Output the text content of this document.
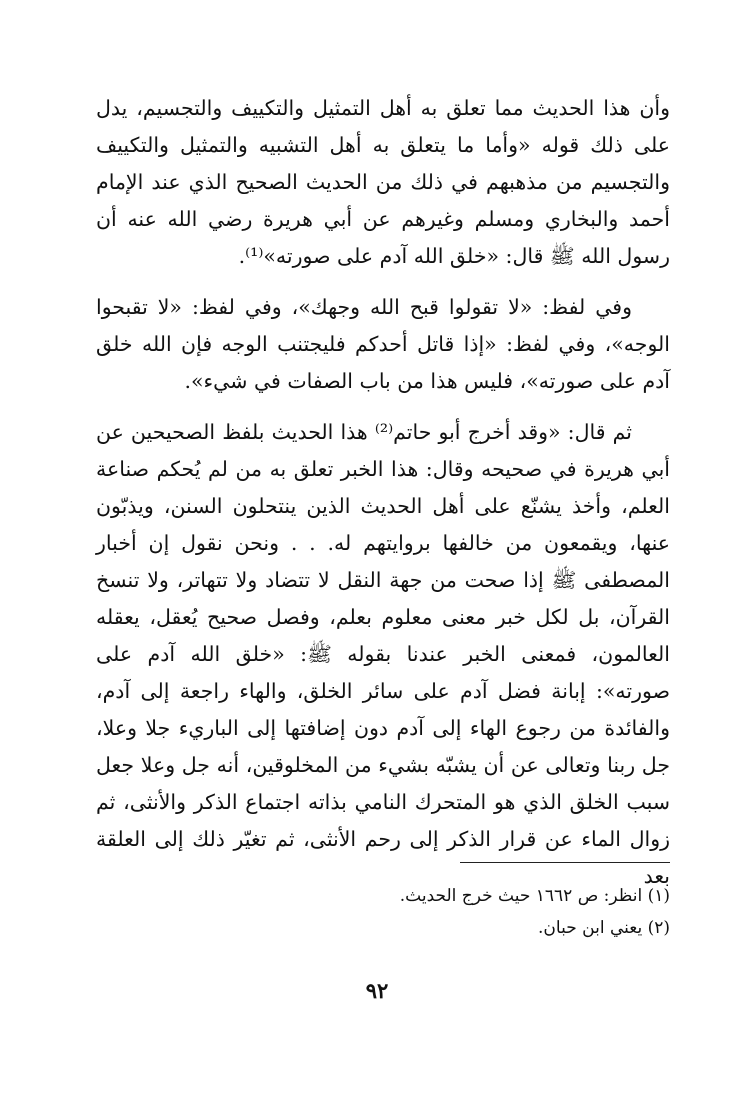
وأن هذا الحديث مما تعلق به أهل التمثيل والتكييف والتجسيم، يدل على ذلك قوله «وأما ما يتعلق به أهل التشبيه والتمثيل والتكييف والتجسيم من مذهبهم في ذلك من الحديث الصحيح الذي عند الإمام أحمد والبخاري ومسلم وغيرهم عن أبي هريرة رضي الله عنه أن رسول الله ﷺ قال: «خلق الله آدم على صورته»⁽¹⁾.

وفي لفظ: «لا تقولوا قبح الله وجهك»، وفي لفظ: «لا تقبحوا الوجه»، وفي لفظ: «إذا قاتل أحدكم فليجتنب الوجه فإن الله خلق آدم على صورته»، فليس هذا من باب الصفات في شيء».

ثم قال: «وقد أخرج أبو حاتم⁽²⁾ هذا الحديث بلفظ الصحيحين عن أبي هريرة في صحيحه وقال: هذا الخبر تعلق به من لم يُحكم صناعة العلم، وأخذ يشنّع على أهل الحديث الذين ينتحلون السنن، ويذبّون عنها، ويقمعون من خالفها بروايتهم له. . . ونحن نقول إن أخبار المصطفى ﷺ إذا صحت من جهة النقل لا تتضاد ولا تتهاتر، ولا تنسخ القرآن، بل لكل خبر معنى معلوم بعلم، وفصل صحيح يُعقل، يعقله العالمون، فمعنى الخبر عندنا بقوله ﷺ: «خلق الله آدم على صورته»: إبانة فضل آدم على سائر الخلق، والهاء راجعة إلى آدم، والفائدة من رجوع الهاء إلى آدم دون إضافتها إلى الباريء جلا وعلا، جل ربنا وتعالى عن أن يشبّه بشيء من المخلوقين، أنه جل وعلا جعل سبب الخلق الذي هو المتحرك النامي بذاته اجتماع الذكر والأنثى، ثم زوال الماء عن قرار الذكر إلى رحم الأنثى، ثم تغيّر ذلك إلى العلقة بعد

(١) انظر: ص ١٦٦٢ حيث خرج الحديث.

(٢) يعني ابن حبان.

٩٢
